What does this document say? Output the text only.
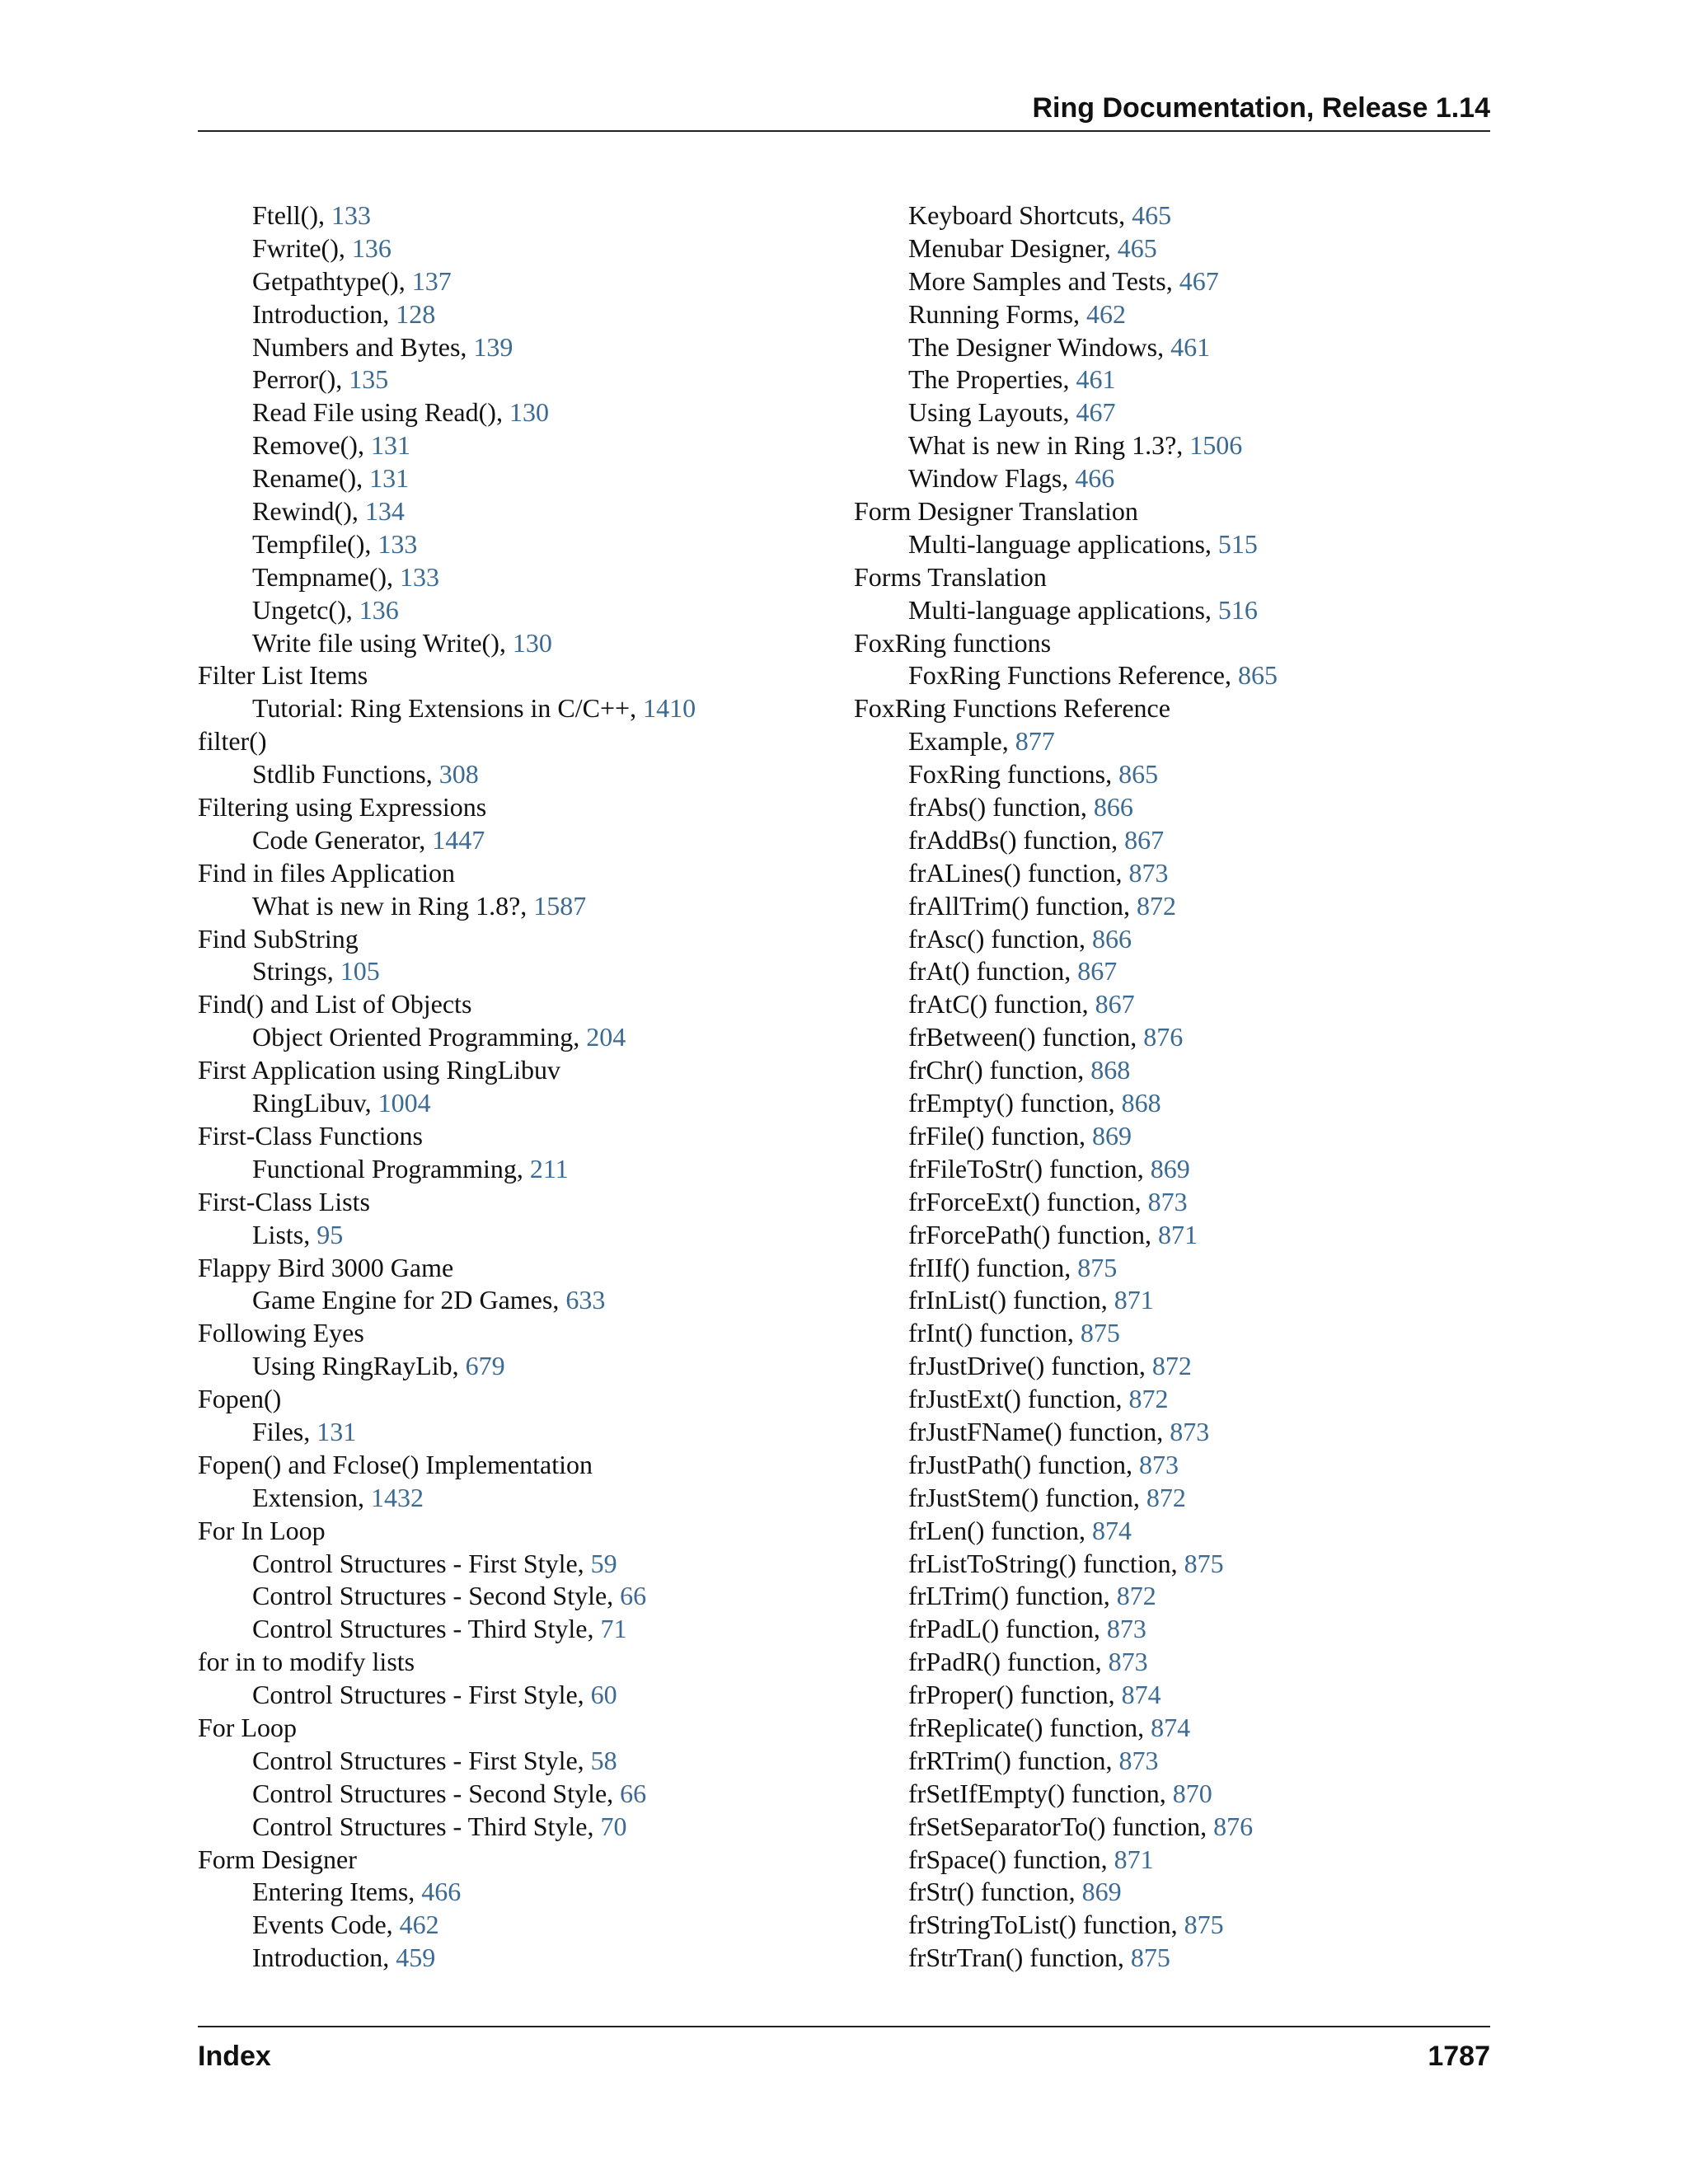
Ring Documentation, Release 1.14
Ftell(), 133
Fwrite(), 136
Getpathtype(), 137
Introduction, 128
Numbers and Bytes, 139
Perror(), 135
Read File using Read(), 130
Remove(), 131
Rename(), 131
Rewind(), 134
Tempfile(), 133
Tempname(), 133
Ungetc(), 136
Write file using Write(), 130
Filter List Items
Tutorial: Ring Extensions in C/C++, 1410
filter()
Stdlib Functions, 308
Filtering using Expressions
Code Generator, 1447
Find in files Application
What is new in Ring 1.8?, 1587
Find SubString
Strings, 105
Find() and List of Objects
Object Oriented Programming, 204
First Application using RingLibuv
RingLibuv, 1004
First-Class Functions
Functional Programming, 211
First-Class Lists
Lists, 95
Flappy Bird 3000 Game
Game Engine for 2D Games, 633
Following Eyes
Using RingRayLib, 679
Fopen()
Files, 131
Fopen() and Fclose() Implementation
Extension, 1432
For In Loop
Control Structures - First Style, 59
Control Structures - Second Style, 66
Control Structures - Third Style, 71
for in to modify lists
Control Structures - First Style, 60
For Loop
Control Structures - First Style, 58
Control Structures - Second Style, 66
Control Structures - Third Style, 70
Form Designer
Entering Items, 466
Events Code, 462
Introduction, 459
Keyboard Shortcuts, 465
Menubar Designer, 465
More Samples and Tests, 467
Running Forms, 462
The Designer Windows, 461
The Properties, 461
Using Layouts, 467
What is new in Ring 1.3?, 1506
Window Flags, 466
Form Designer Translation
Multi-language applications, 515
Forms Translation
Multi-language applications, 516
FoxRing functions
FoxRing Functions Reference, 865
FoxRing Functions Reference
Example, 877
FoxRing functions, 865
frAbs() function, 866
frAddBs() function, 867
frALines() function, 873
frAllTrim() function, 872
frAsc() function, 866
frAt() function, 867
frAtC() function, 867
frBetween() function, 876
frChr() function, 868
frEmpty() function, 868
frFile() function, 869
frFileToStr() function, 869
frForceExt() function, 873
frForcePath() function, 871
frIIf() function, 875
frInList() function, 871
frInt() function, 875
frJustDrive() function, 872
frJustExt() function, 872
frJustFName() function, 873
frJustPath() function, 873
frJustStem() function, 872
frLen() function, 874
frListToString() function, 875
frLTrim() function, 872
frPadL() function, 873
frPadR() function, 873
frProper() function, 874
frReplicate() function, 874
frRTrim() function, 873
frSetIfEmpty() function, 870
frSetSeparatorTo() function, 876
frSpace() function, 871
frStr() function, 869
frStringToList() function, 875
frStrTran() function, 875
Index	1787
